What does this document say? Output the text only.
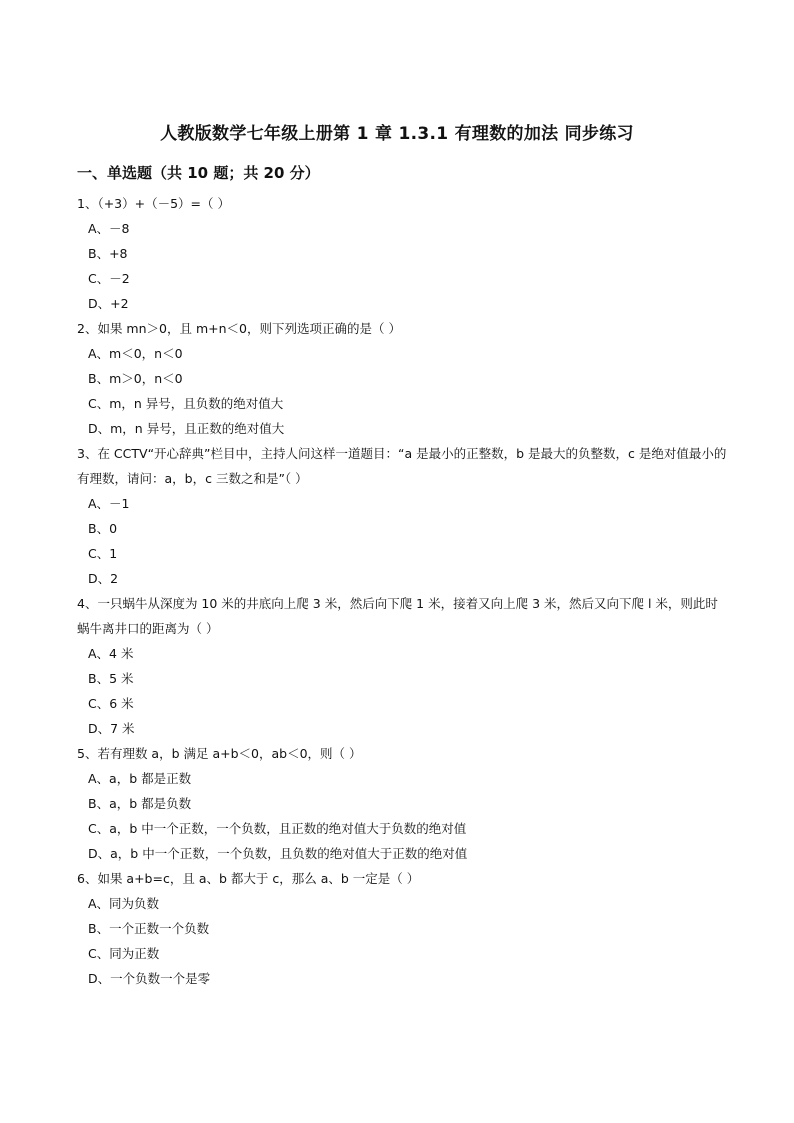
人教版数学七年级上册第 1 章 1.3.1 有理数的加法 同步练习
一、单选题（共 10 题；共 20 分）
1、（+3）+（－5）=（ ）
A、－8
B、+8
C、－2
D、+2
2、如果 mn＞0，且 m+n＜0，则下列选项正确的是（ ）
A、m＜0，n＜0
B、m＞0，n＜0
C、m，n 异号，且负数的绝对值大
D、m，n 异号，且正数的绝对值大
3、在 CCTV“开心辞典”栏目中，主持人问这样一道题目：“a 是最小的正整数，b 是最大的负整数，c 是绝对值最小的有理数，请问：a，b，c 三数之和是”（ ）
A、－1
B、0
C、1
D、2
4、一只蜗牛从深度为 10 米的井底向上爬 3 米，然后向下爬 1 米，接着又向上爬 3 米，然后又向下爬 l 米，则此时蜗牛离井口的距离为（ ）
A、4 米
B、5 米
C、6 米
D、7 米
5、若有理数 a，b 满足 a+b＜0，ab＜0，则（ ）
A、a，b 都是正数
B、a，b 都是负数
C、a，b 中一个正数，一个负数，且正数的绝对值大于负数的绝对值
D、a，b 中一个正数，一个负数，且负数的绝对值大于正数的绝对值
6、如果 a+b=c，且 a、b 都大于 c，那么 a、b 一定是（ ）
A、同为负数
B、一个正数一个负数
C、同为正数
D、一个负数一个是零
